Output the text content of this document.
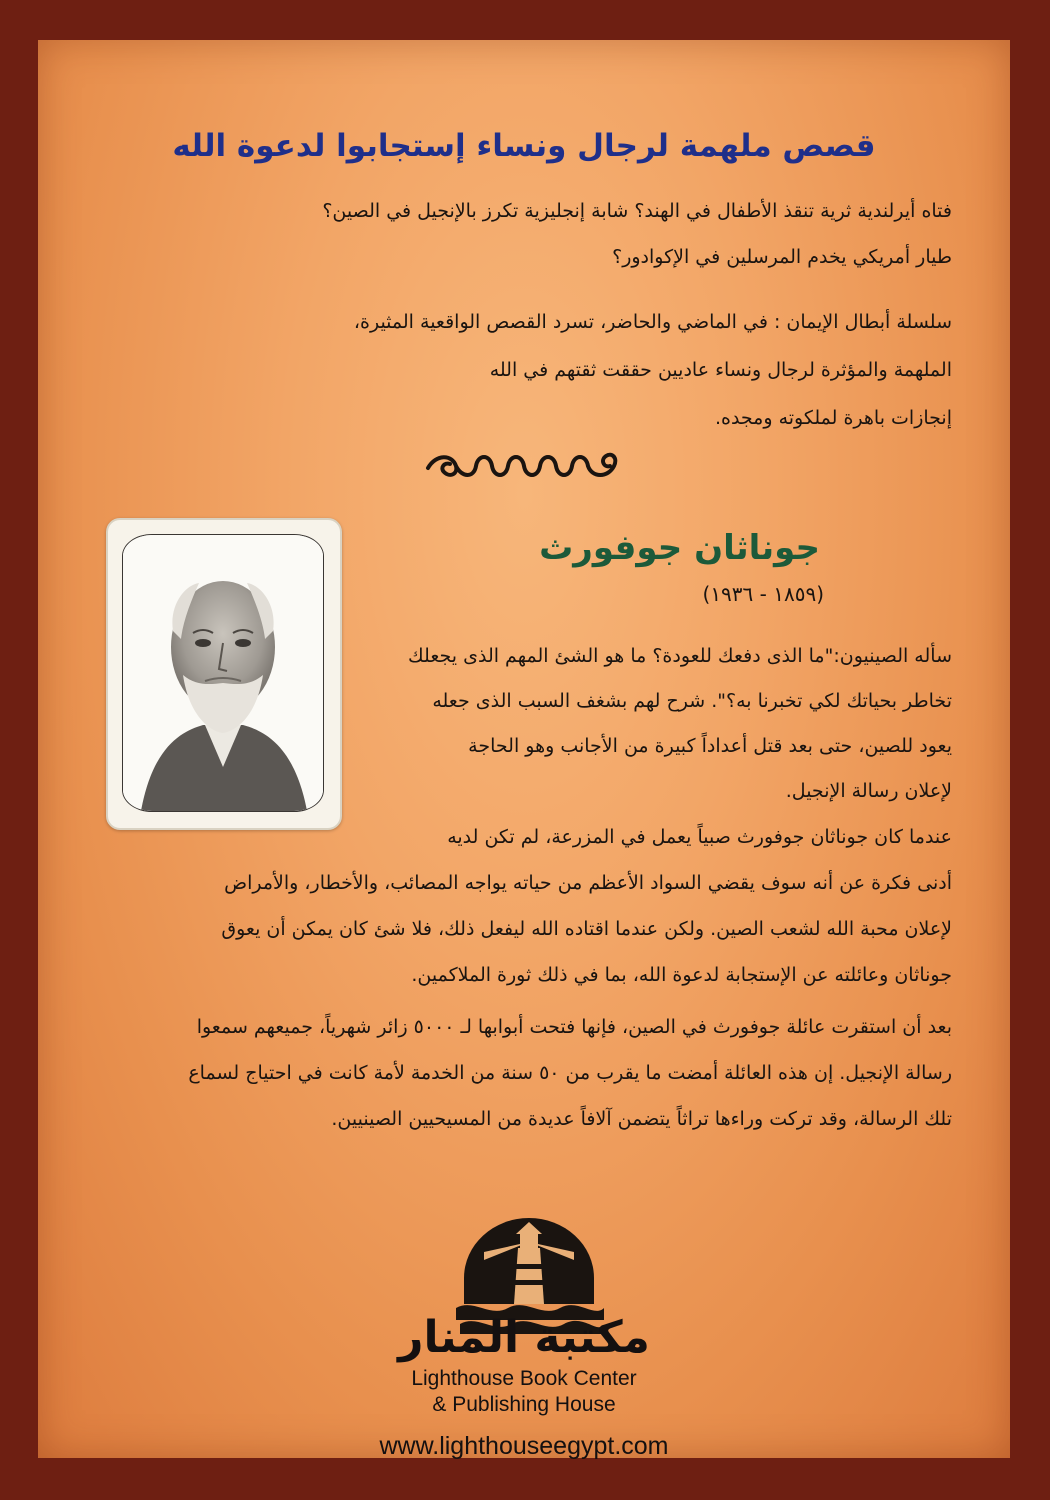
قصص ملهمة لرجال ونساء إستجابوا لدعوة الله
فتاه أيرلندية ثرية تنقذ الأطفال في الهند؟ شابة إنجليزية تكرز بالإنجيل في الصين؟
طيار أمريكي يخدم المرسلين في الإكوادور؟
سلسلة أبطال الإيمان : في الماضي والحاضر، تسرد القصص الواقعية المثيرة،
الملهمة والمؤثرة لرجال ونساء عاديين حققت ثقتهم في الله
إنجازات باهرة لملكوته ومجده.
جوناثان جوفورث
(١٨٥٩ - ١٩٣٦)
سأله الصينيون:"ما الذى دفعك للعودة؟ ما هو الشئ المهم الذى يجعلك
تخاطر بحياتك لكي تخبرنا به؟". شرح لهم بشغف السبب الذى جعله
يعود للصين، حتى بعد قتل أعداداً كبيرة من الأجانب وهو الحاجة
لإعلان رسالة الإنجيل.
عندما كان جوناثان جوفورث صبياً يعمل في المزرعة، لم تكن لديه
أدنى فكرة عن أنه سوف يقضي السواد الأعظم من حياته يواجه المصائب، والأخطار، والأمراض
لإعلان محبة الله لشعب الصين. ولكن عندما اقتاده الله ليفعل ذلك، فلا شئ كان يمكن أن يعوق
جوناثان وعائلته عن الإستجابة لدعوة الله، بما في ذلك ثورة الملاكمين.
بعد أن استقرت عائلة جوفورث في الصين، فإنها فتحت أبوابها لـ ٥٠٠٠ زائر شهرياً، جميعهم سمعوا
رسالة الإنجيل. إن هذه العائلة أمضت ما يقرب من ٥٠ سنة من الخدمة لأمة كانت في احتياج لسماع
تلك الرسالة، وقد تركت وراءها تراثاً يتضمن آلافاً عديدة من المسيحيين الصينيين.
مكتبة المنار
Lighthouse Book Center
& Publishing House
www.lighthouseegypt.com
